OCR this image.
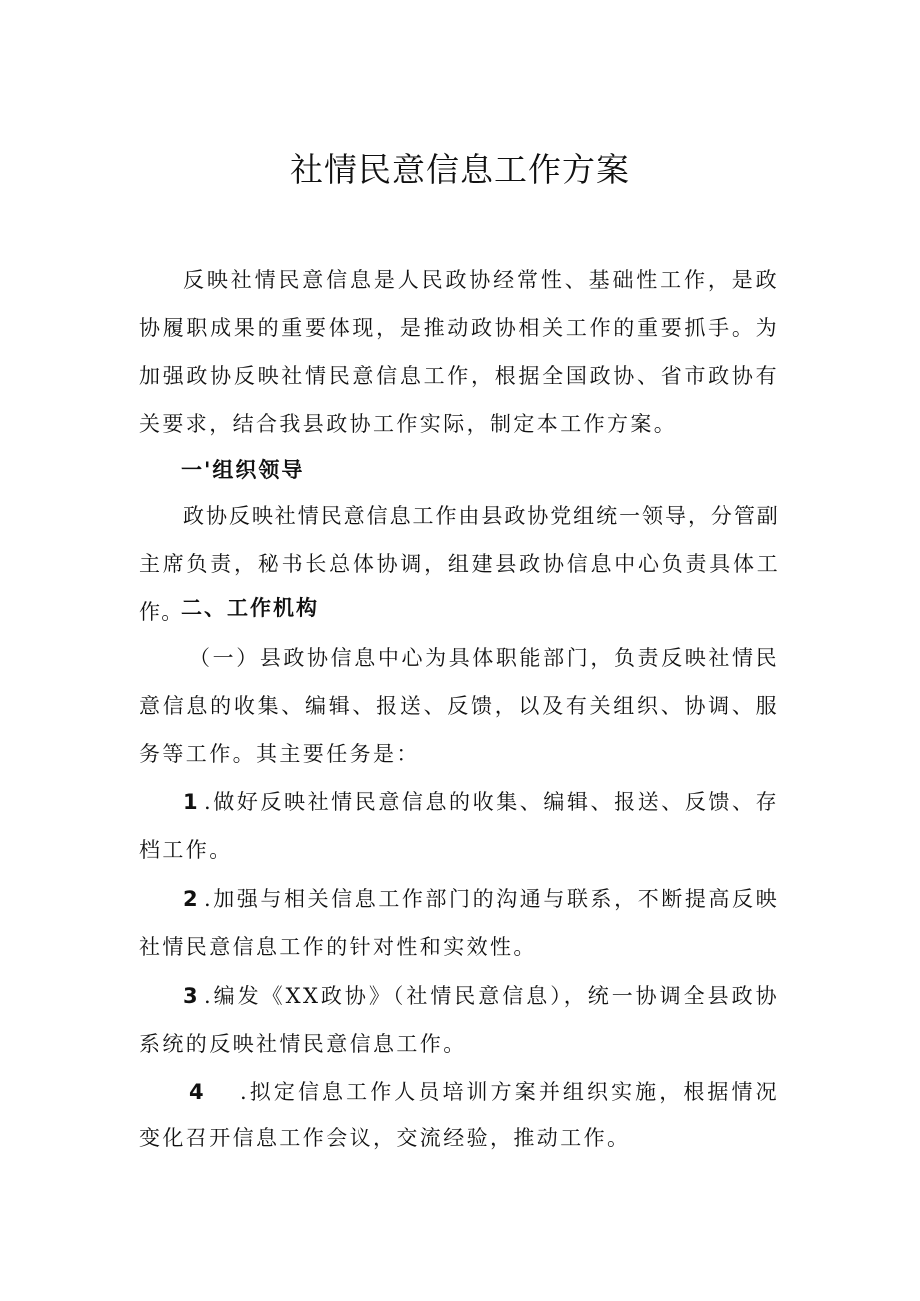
社情民意信息工作方案

反映社情民意信息是人民政协经常性、基础性工作，是政协履职成果的重要体现，是推动政协相关工作的重要抓手。为加强政协反映社情民意信息工作，根据全国政协、省市政协有关要求，结合我县政协工作实际，制定本工作方案。

一'组织领导

政协反映社情民意信息工作由县政协党组统一领导，分管副主席负责，秘书长总体协调，组建县政协信息中心负责具体工作。

二、工作机构

（一）县政协信息中心为具体职能部门，负责反映社情民意信息的收集、编辑、报送、反馈，以及有关组织、协调、服务等工作。其主要任务是：

1 .做好反映社情民意信息的收集、编辑、报送、反馈、存档工作。

2 .加强与相关信息工作部门的沟通与联系，不断提高反映社情民意信息工作的针对性和实效性。

3 .编发《XX政协》（社情民意信息），统一协调全县政协系统的反映社情民意信息工作。

4 .拟定信息工作人员培训方案并组织实施，根据情况变化召开信息工作会议，交流经验，推动工作。
